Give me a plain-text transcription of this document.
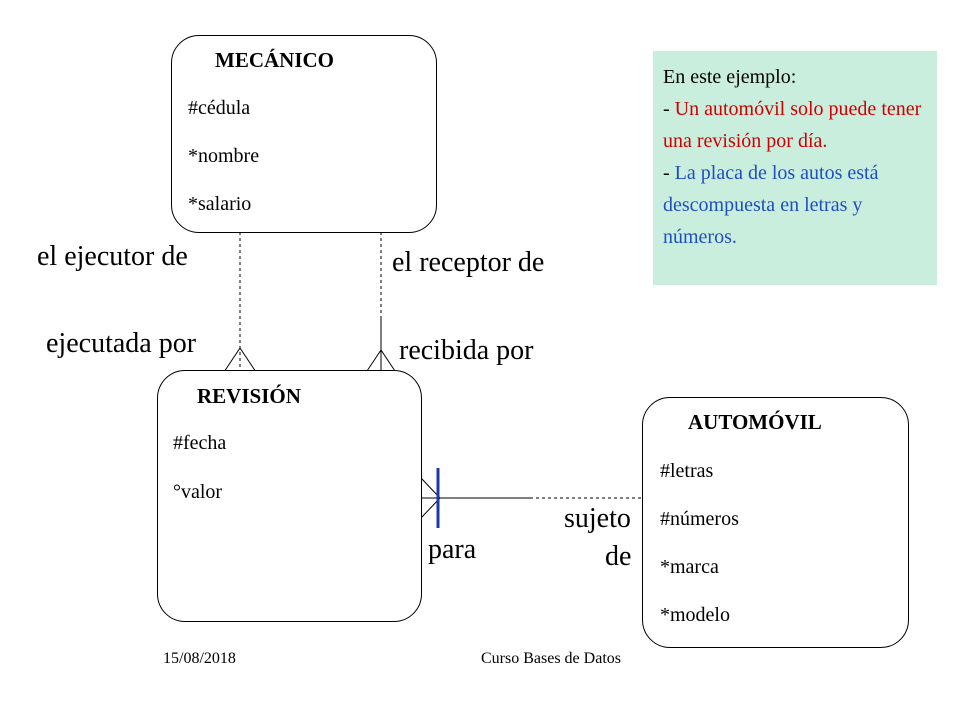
MECÁNICO
#cédula
*nombre
*salario
REVISIÓN
#fecha
°valor
AUTOMÓVIL
#letras
#números
*marca
*modelo
el ejecutor de
ejecutada por
el receptor de
recibida por
sujeto
de
para

En este ejemplo:

- Un automóvil solo puede tener una revisión por día.

- La placa de los autos está descompuesta en letras y números.

15/08/2018	Curso Bases de Datos
